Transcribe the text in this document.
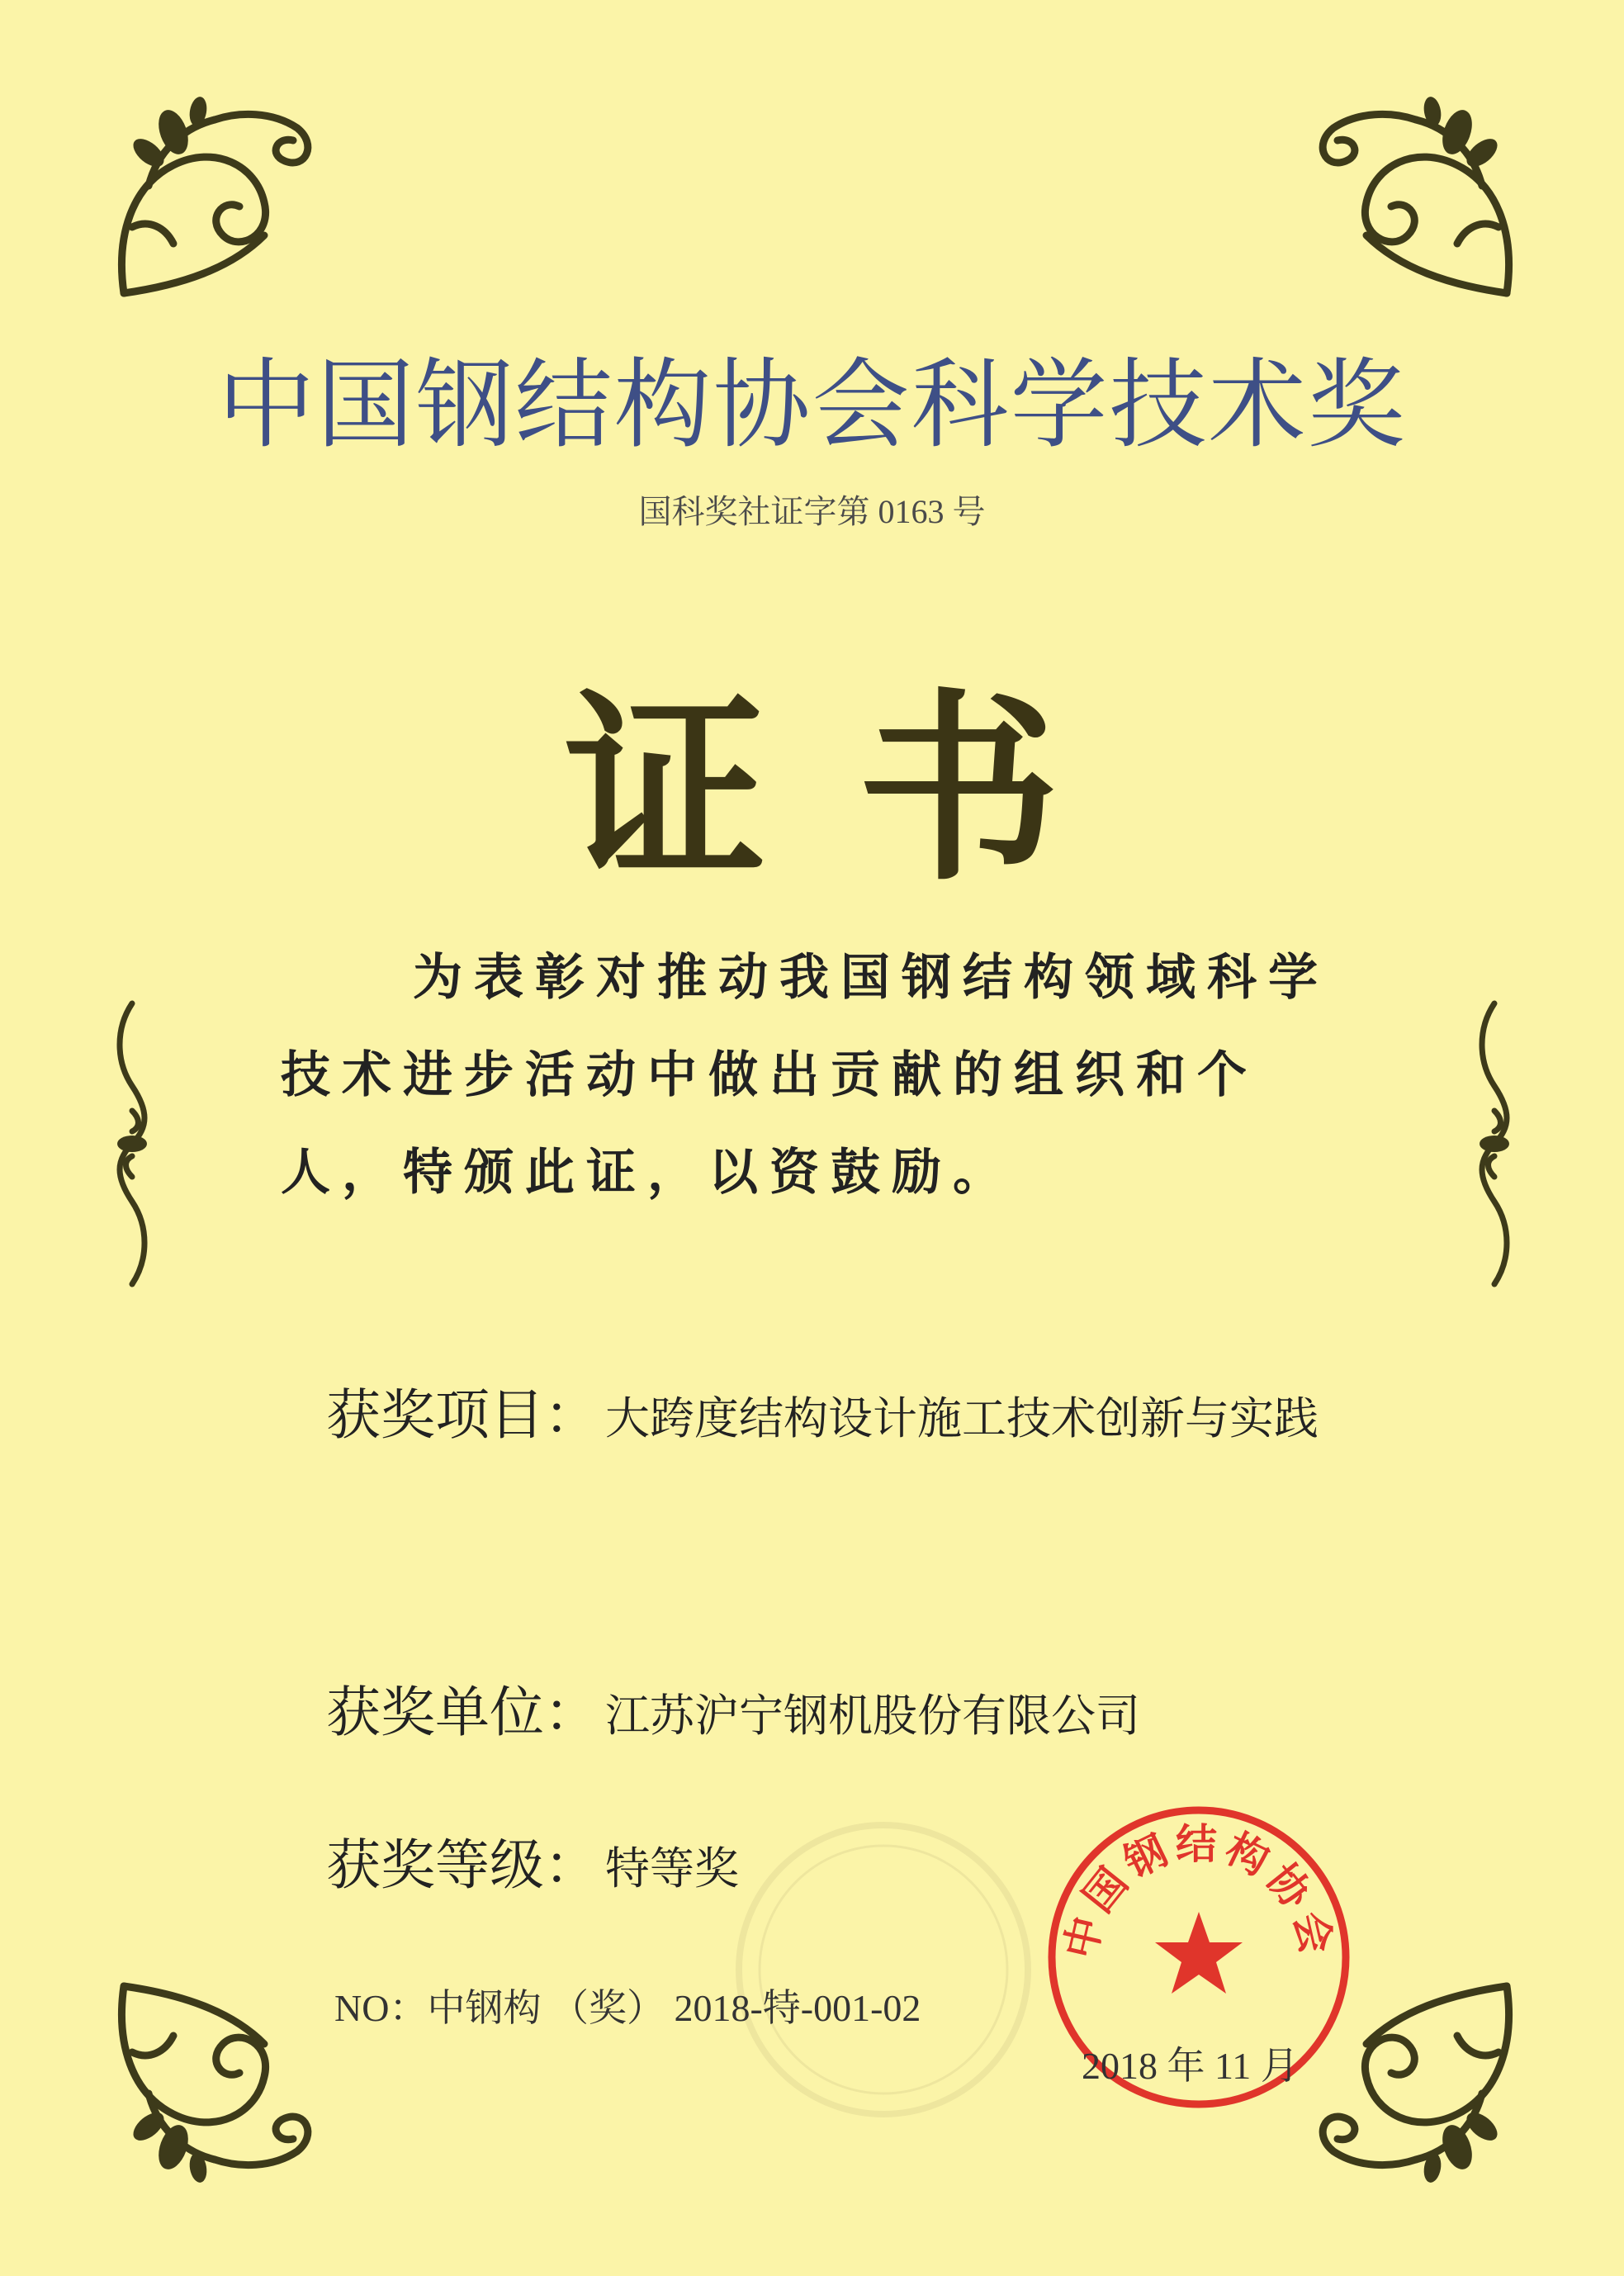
中国钢结构协会科学技术奖
国科奖社证字第 0163 号
证书
为表彰对推动我国钢结构领域科学技术进步活动中做出贡献的组织和个人，特颁此证，以资鼓励。
获奖项目： 大跨度结构设计施工技术创新与实践
获奖单位： 江苏沪宁钢机股份有限公司
获奖等级： 特等奖
NO：中钢构 （奖） 2018-特-001-02
中国钢结构协会
2018 年 11 月
